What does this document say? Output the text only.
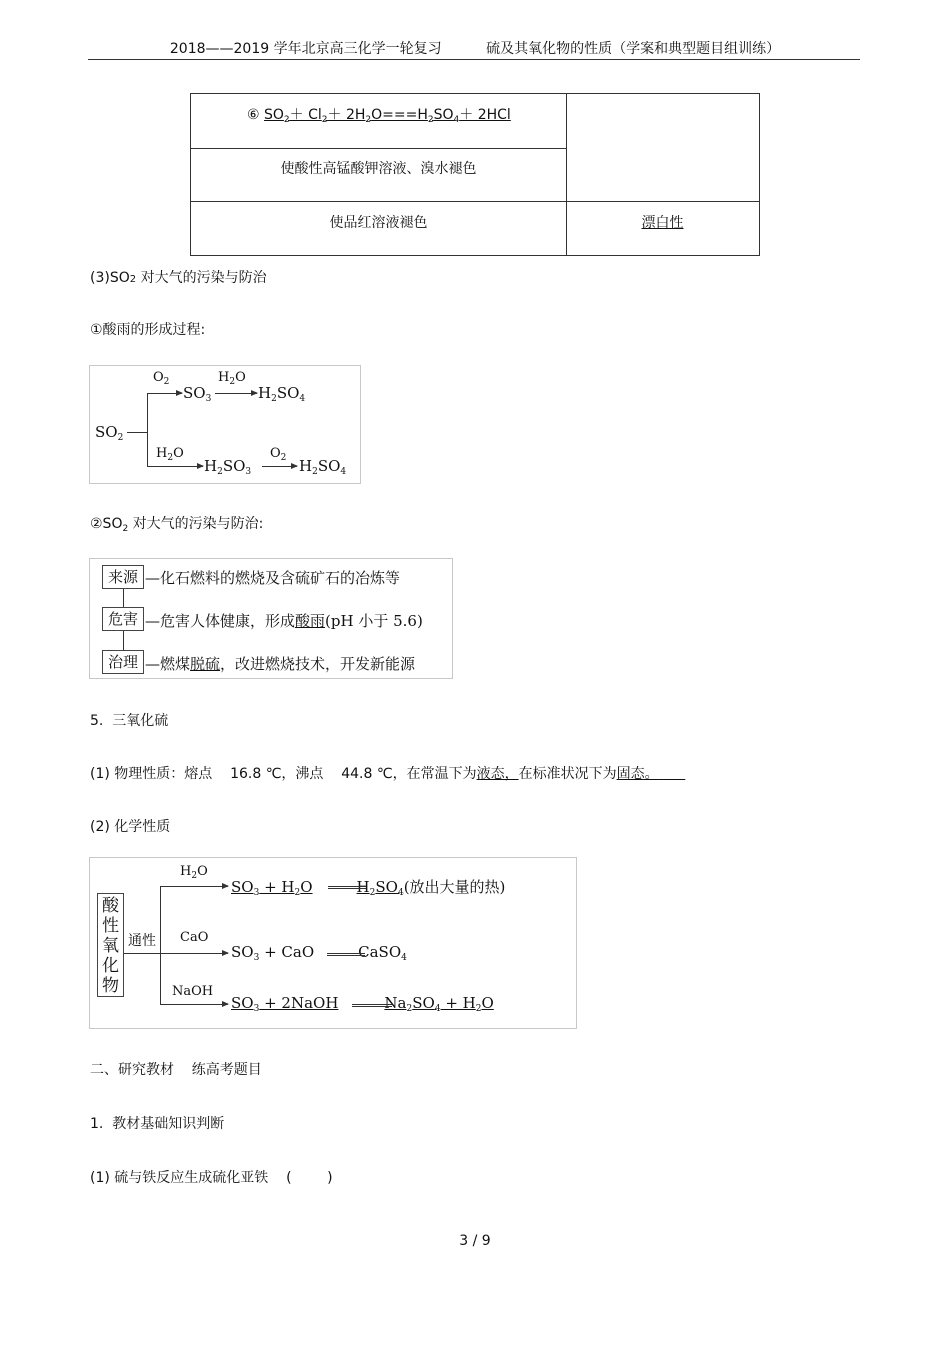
2018——2019 学年北京高三化学一轮复习          硫及其氧化物的性质（学案和典型题目组训练）
⑥ $SO_2+ Cl_2+ 2H_2O===H_2SO_4+ 2HCl$
使酸性高锰酸钾溶液、溴水褪色
使品红溶液褪色	漂白性
(3)SO2 对大气的污染与防治
①酸雨的形成过程:
$SO_2$
$O_2$
→ $SO_3$
$H_2O$
→ $H_2SO_4$
$H_2O$
→ $H_2SO_3$
$O_2 \to H_2SO_4$
$②SO_2$ 对大气的污染与防治:
来源 —化石燃料的燃烧及含硫矿石的冶炼等
危害 —危害人体健康，形成酸雨(pH 小于 5.6)
治理 —燃煤脱硫，改进燃烧技术，开发新能源
5.  三氧化硫
(1) 物理性质：熔点    16.8 ℃，沸点    44.8 ℃，在常温下为液态，在标准状况下为固态。
(2) 化学性质
酸性氧化物
通性
$H_2O$
$SO_3 + H_2O$	$H_2SO_4$(放出大量的热)
CaO
$SO_3$ + CaO	CaSO$_4$
NaOH
$SO_3$ + 2NaOH	$Na_2SO_4 + H_2O$
二、研究教材    练高考题目
1.  教材基础知识判断
(1) 硫与铁反应生成硫化亚铁    (        )
3 / 9
